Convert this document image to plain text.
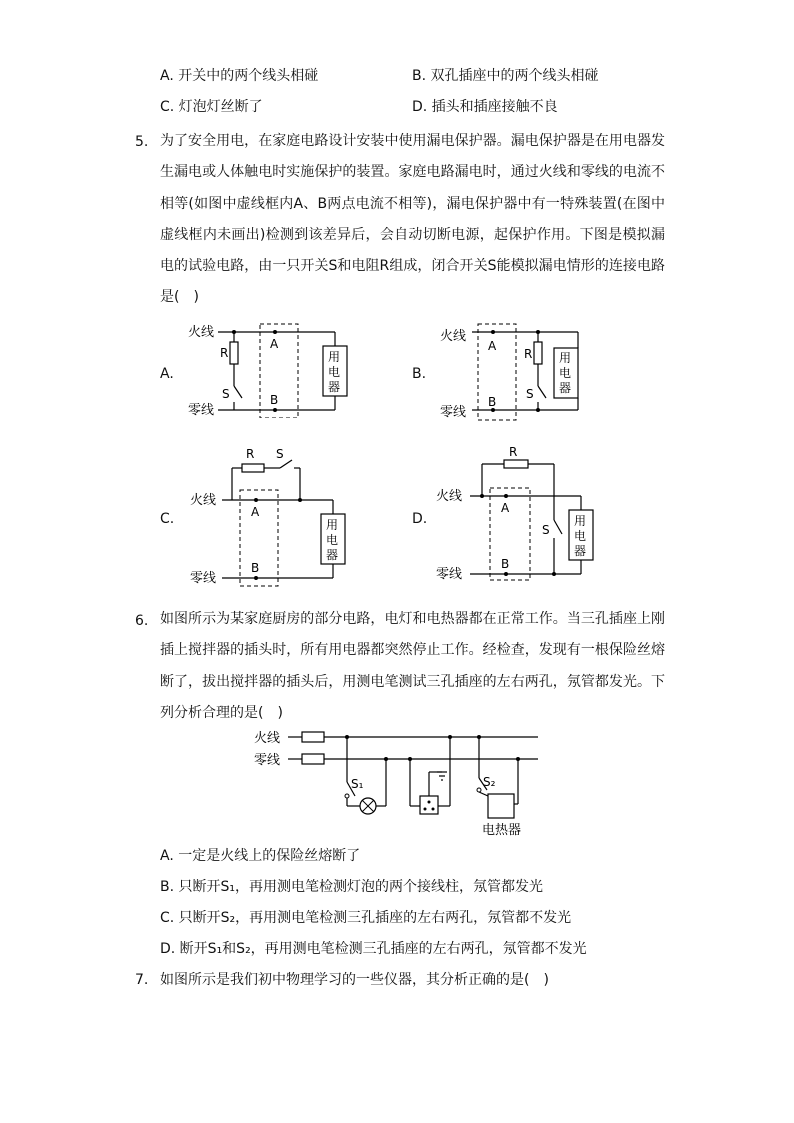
A. 开关中的两个线头相碰	B. 双孔插座中的两个线头相碰
C. 灯泡灯丝断了	D. 插头和插座接触不良
5. 为了安全用电，在家庭电路设计安装中使用漏电保护器。漏电保护器是在用电器发生漏电或人体触电时实施保护的装置。家庭电路漏电时，通过火线和零线的电流不相等(如图中虚线框内A、B两点电流不相等)，漏电保护器中有一特殊装置(在图中虚线框内未画出)检测到该差异后，会自动切断电源，起保护作用。下图是模拟漏电的试验电路，由一只开关S和电阻R组成，闭合开关S能模拟漏电情形的连接电路是(　)
A.
火线
零线
R
S
A
B
用
电
器
B.
火线
零线
R
S
A
B
用
电
器
C.
火线
零线
R S
A
B
用
电
器
D.
火线
零线
R
S
A
B
用
电
器
6. 如图所示为某家庭厨房的部分电路，电灯和电热器都在正常工作。当三孔插座上刚插上搅拌器的插头时，所有用电器都突然停止工作。经检查，发现有一根保险丝熔断了，拔出搅拌器的插头后，用测电笔测试三孔插座的左右两孔，氖管都发光。下列分析合理的是(　)
火线
零线
S₁	S₂
电热器
A. 一定是火线上的保险丝熔断了
B. 只断开S₁，再用测电笔检测灯泡的两个接线柱，氖管都发光
C. 只断开S₂，再用测电笔检测三孔插座的左右两孔，氖管都不发光
D. 断开S₁和S₂，再用测电笔检测三孔插座的左右两孔，氖管都不发光
7. 如图所示是我们初中物理学习的一些仪器，其分析正确的是(　)
